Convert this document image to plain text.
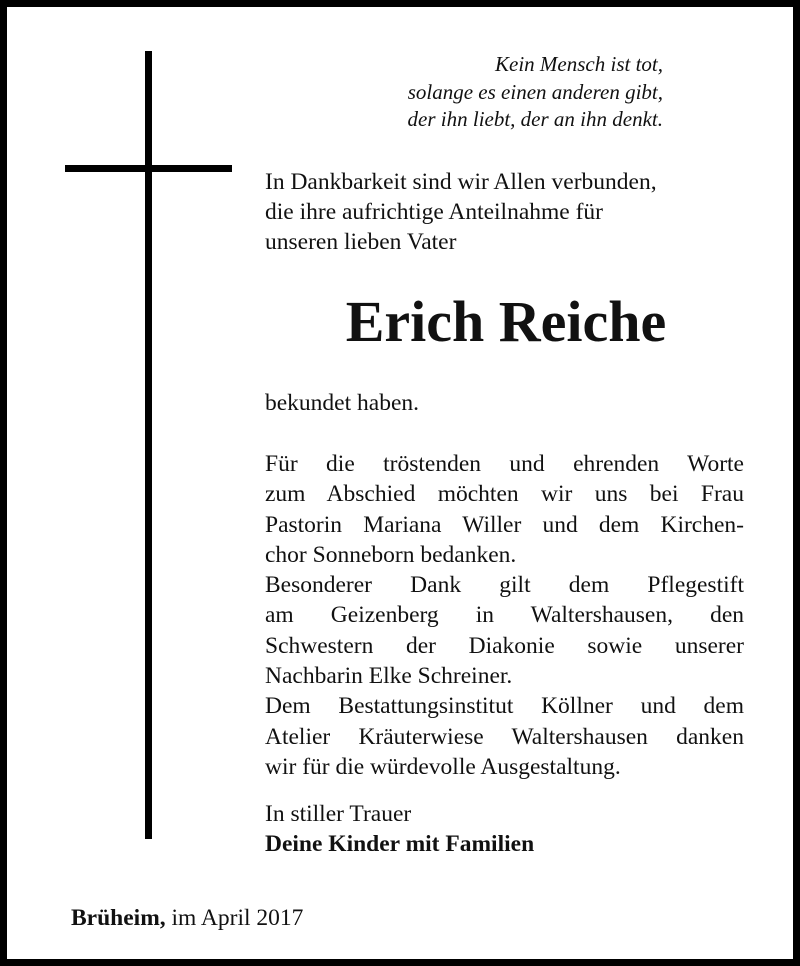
Kein Mensch ist tot,
solange es einen anderen gibt,
der ihn liebt, der an ihn denkt.
In Dankbarkeit sind wir Allen verbunden,
die ihre aufrichtige Anteilnahme für
unseren lieben Vater
Erich Reiche
bekundet haben.
Für die tröstenden und ehrenden Worte
zum Abschied möchten wir uns bei Frau
Pastorin Mariana Willer und dem Kirchen-
chor Sonneborn bedanken.
Besonderer Dank gilt dem Pflegestift
am Geizenberg in Waltershausen, den
Schwestern der Diakonie sowie unserer
Nachbarin Elke Schreiner.
Dem Bestattungsinstitut Köllner und dem
Atelier Kräuterwiese Waltershausen danken
wir für die würdevolle Ausgestaltung.
In stiller Trauer
Deine Kinder mit Familien
Brüheim, im April 2017
